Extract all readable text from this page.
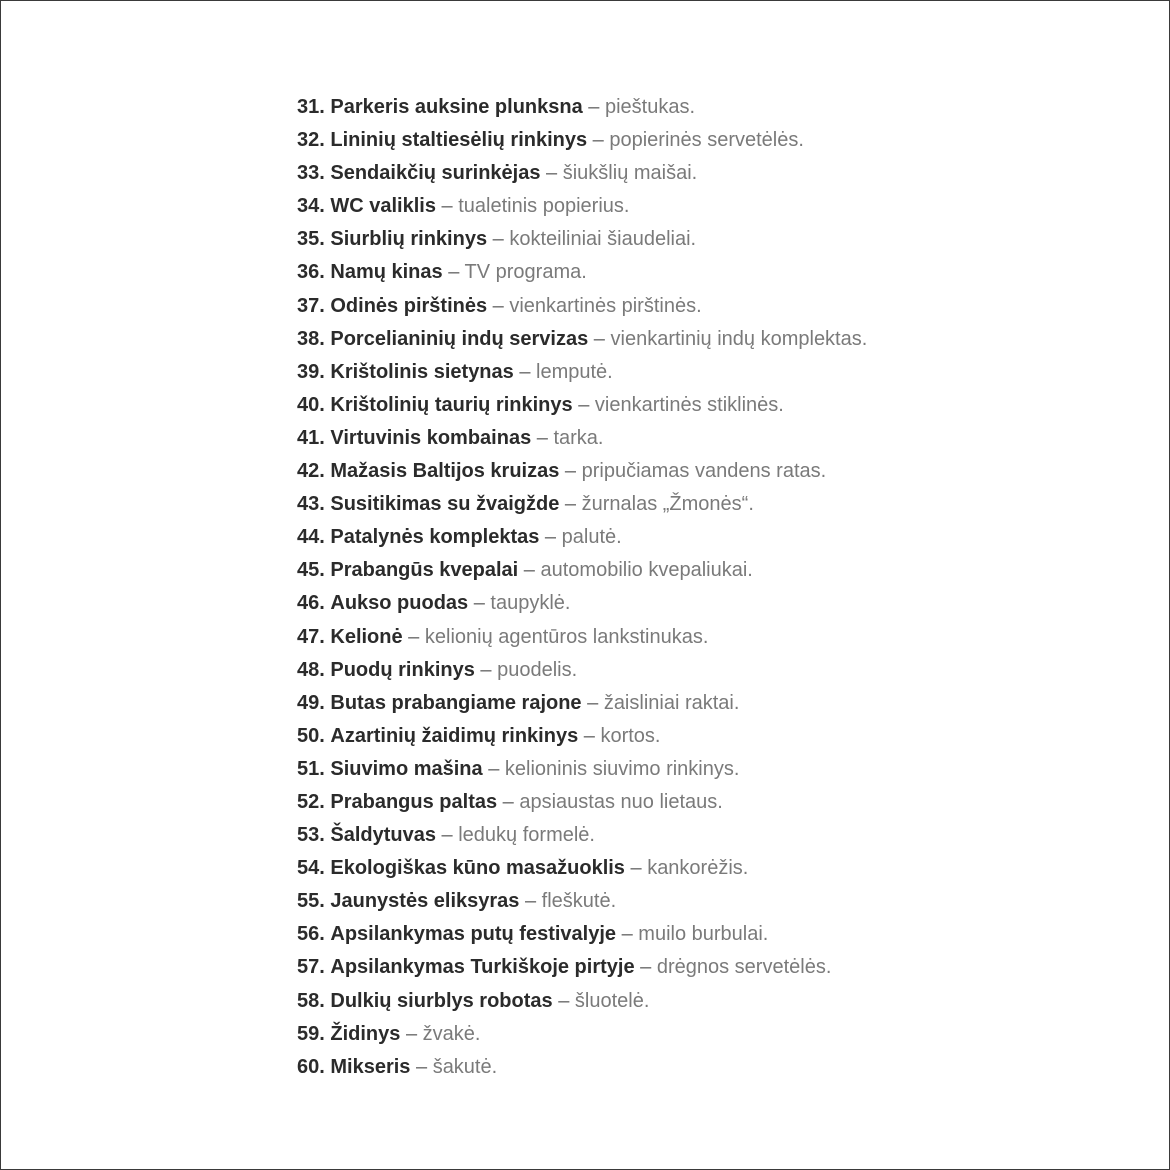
31. Parkeris auksine plunksna – pieštukas.
32. Lininių staltiesėlių rinkinys – popierinės servetėlės.
33. Sendaikčių surinkėjas – šiukšlių maišai.
34. WC valiklis – tualetinis popierius.
35. Siurblių rinkinys – kokteiliniai šiaudeliai.
36. Namų kinas – TV programa.
37. Odinės pirštinės – vienkartinės pirštinės.
38. Porcelianinių indų servizas – vienkartinių indų komplektas.
39. Krištolinis sietynas – lemputė.
40. Krištolinių taurių rinkinys – vienkartinės stiklinės.
41. Virtuvinis kombainas – tarka.
42. Mažasis Baltijos kruizas – pripučiamas vandens ratas.
43. Susitikimas su žvaigžde – žurnalas „Žmonės“.
44. Patalynės komplektas – palutė.
45. Prabangūs kvepalai – automobilio kvepaliukai.
46. Aukso puodas – taupyklė.
47. Kelionė – kelionių agentūros lankstinukas.
48. Puodų rinkinys – puodelis.
49. Butas prabangiame rajone – žaisliniai raktai.
50. Azartinių žaidimų rinkinys – kortos.
51. Siuvimo mašina – kelioninis siuvimo rinkinys.
52. Prabangus paltas – apsiaustas nuo lietaus.
53. Šaldytuvas – ledukų formelė.
54. Ekologiškas kūno masažuoklis – kankorėžis.
55. Jaunystės eliksyras – fleškutė.
56. Apsilankymas putų festivalyje – muilo burbulai.
57. Apsilankymas Turkiškoje pirtyje – drėgnos servetėlės.
58. Dulkių siurblys robotas – šluotelė.
59. Židinys – žvakė.
60. Mikseris – šakutė.
